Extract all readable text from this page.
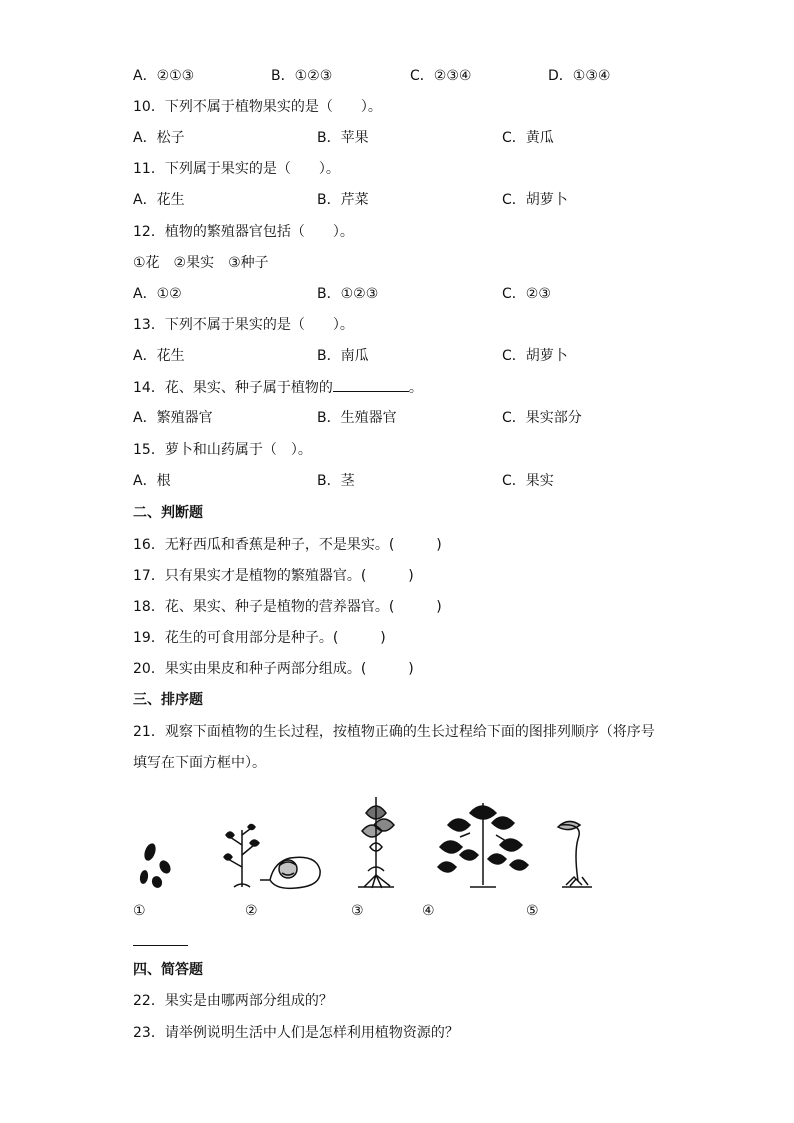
A．②①③	B．①②③	C．②③④	D．①③④
10．下列不属于植物果实的是（　　）。
A．松子	B．苹果	C．黄瓜
11．下列属于果实的是（　　）。
A．花生	B．芹菜	C．胡萝卜
12．植物的繁殖器官包括（　　）。
①花　②果实　③种子
A．①②	B．①②③	C．②③
13．下列不属于果实的是（　　）。
A．花生	B．南瓜	C．胡萝卜
14．花、果实、种子属于植物的	。
A．繁殖器官	B．生殖器官	C．果实部分
15．萝卜和山药属于（　）。
A．根	B．茎	C．果实
二、判断题
16．无籽西瓜和香蕉是种子，不是果实。(　　　)
17．只有果实才是植物的繁殖器官。(　　　)
18．花、果实、种子是植物的营养器官。(　　　)
19．花生的可食用部分是种子。(　　　)
20．果实由果皮和种子两部分组成。(　　　)
三、排序题
21．观察下面植物的生长过程，按植物正确的生长过程给下面的图排列顺序（将序号
填写在下面方框中）。
①	②	③	④	⑤
四、简答题
22．果实是由哪两部分组成的？
23．请举例说明生活中人们是怎样利用植物资源的？
